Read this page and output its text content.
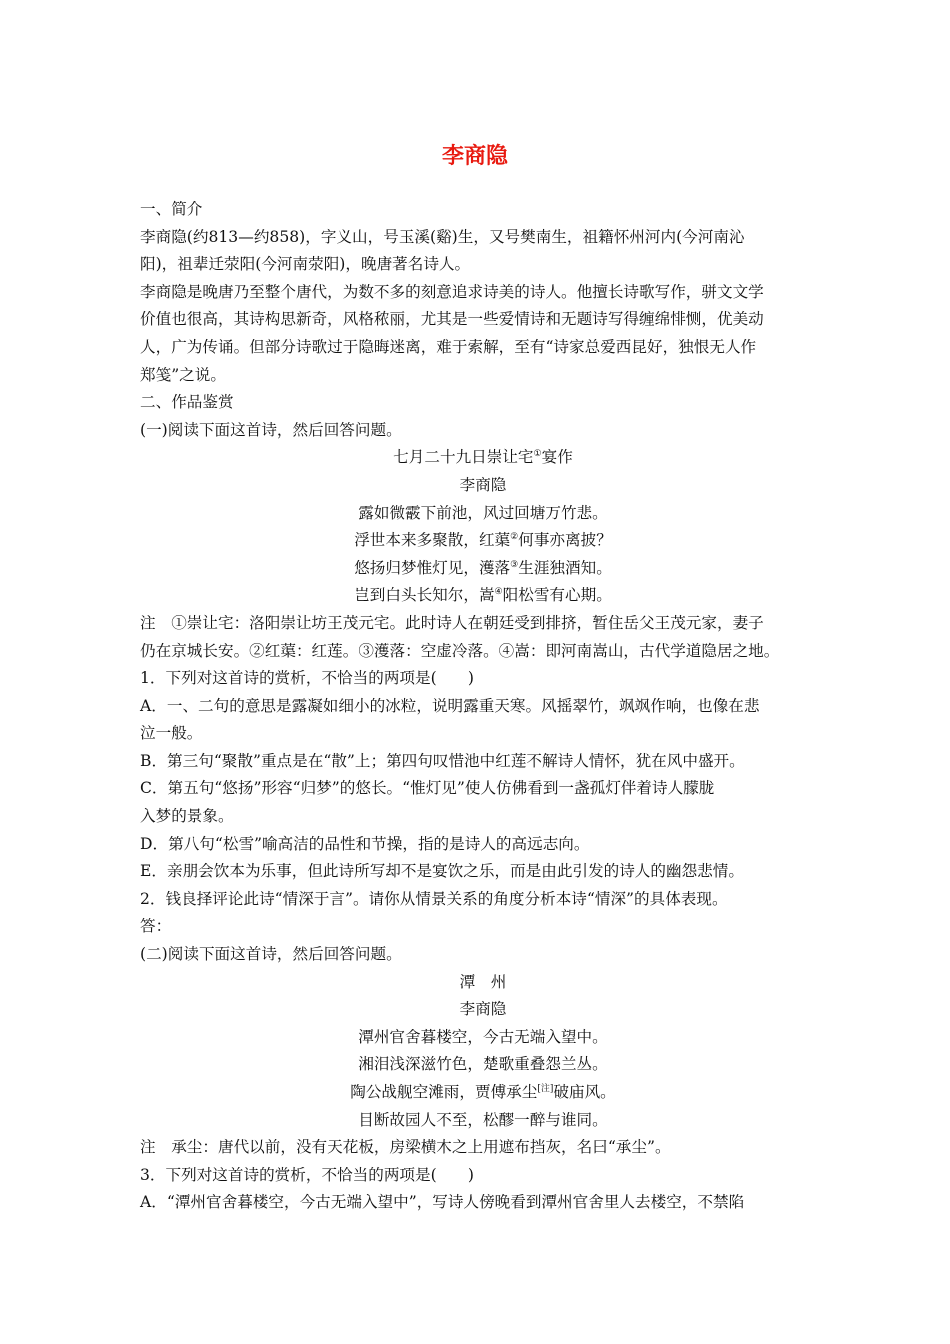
李商隐
一、简介
李商隐(约813—约858)，字义山，号玉溪(谿)生，又号樊南生，祖籍怀州河内(今河南沁
阳)，祖辈迁荥阳(今河南荥阳)，晚唐著名诗人。
李商隐是晚唐乃至整个唐代，为数不多的刻意追求诗美的诗人。他擅长诗歌写作，骈文文学
价值也很高，其诗构思新奇，风格秾丽，尤其是一些爱情诗和无题诗写得缠绵悱恻，优美动
人，广为传诵。但部分诗歌过于隐晦迷离，难于索解，至有“诗家总爱西昆好，独恨无人作
郑笺”之说。
二、作品鉴赏
(一)阅读下面这首诗，然后回答问题。
七月二十九日崇让宅①宴作
李商隐
露如微霰下前池，风过回塘万竹悲。
浮世本来多聚散，红蕖②何事亦离披？
悠扬归梦惟灯见，濩落③生涯独酒知。
岂到白头长知尔，嵩④阳松雪有心期。
注　①崇让宅：洛阳崇让坊王茂元宅。此时诗人在朝廷受到排挤，暂住岳父王茂元家，妻子
仍在京城长安。②红蕖：红莲。③濩落：空虚冷落。④嵩：即河南嵩山，古代学道隐居之地。
1．下列对这首诗的赏析，不恰当的两项是(　　)
A．一、二句的意思是露凝如细小的冰粒，说明露重天寒。风摇翠竹，飒飒作响，也像在悲
泣一般。
B．第三句“聚散”重点是在“散”上；第四句叹惜池中红莲不解诗人情怀，犹在风中盛开。
C．第五句“悠扬”形容“归梦”的悠长。“惟灯见”使人仿佛看到一盏孤灯伴着诗人朦胧
入梦的景象。
D．第八句“松雪”喻高洁的品性和节操，指的是诗人的高远志向。
E．亲朋会饮本为乐事，但此诗所写却不是宴饮之乐，而是由此引发的诗人的幽怨悲情。
2．钱良择评论此诗“情深于言”。请你从情景关系的角度分析本诗“情深”的具体表现。
答：
(二)阅读下面这首诗，然后回答问题。
潭　州
李商隐
潭州官舍暮楼空，今古无端入望中。
湘泪浅深滋竹色，楚歌重叠怨兰丛。
陶公战舰空滩雨，贾傅承尘[注]破庙风。
目断故园人不至，松醪一醉与谁同。
注　承尘：唐代以前，没有天花板，房梁横木之上用遮布挡灰，名曰“承尘”。
3．下列对这首诗的赏析，不恰当的两项是(　　)
A．“潭州官舍暮楼空，今古无端入望中”，写诗人傍晚看到潭州官舍里人去楼空，不禁陷
